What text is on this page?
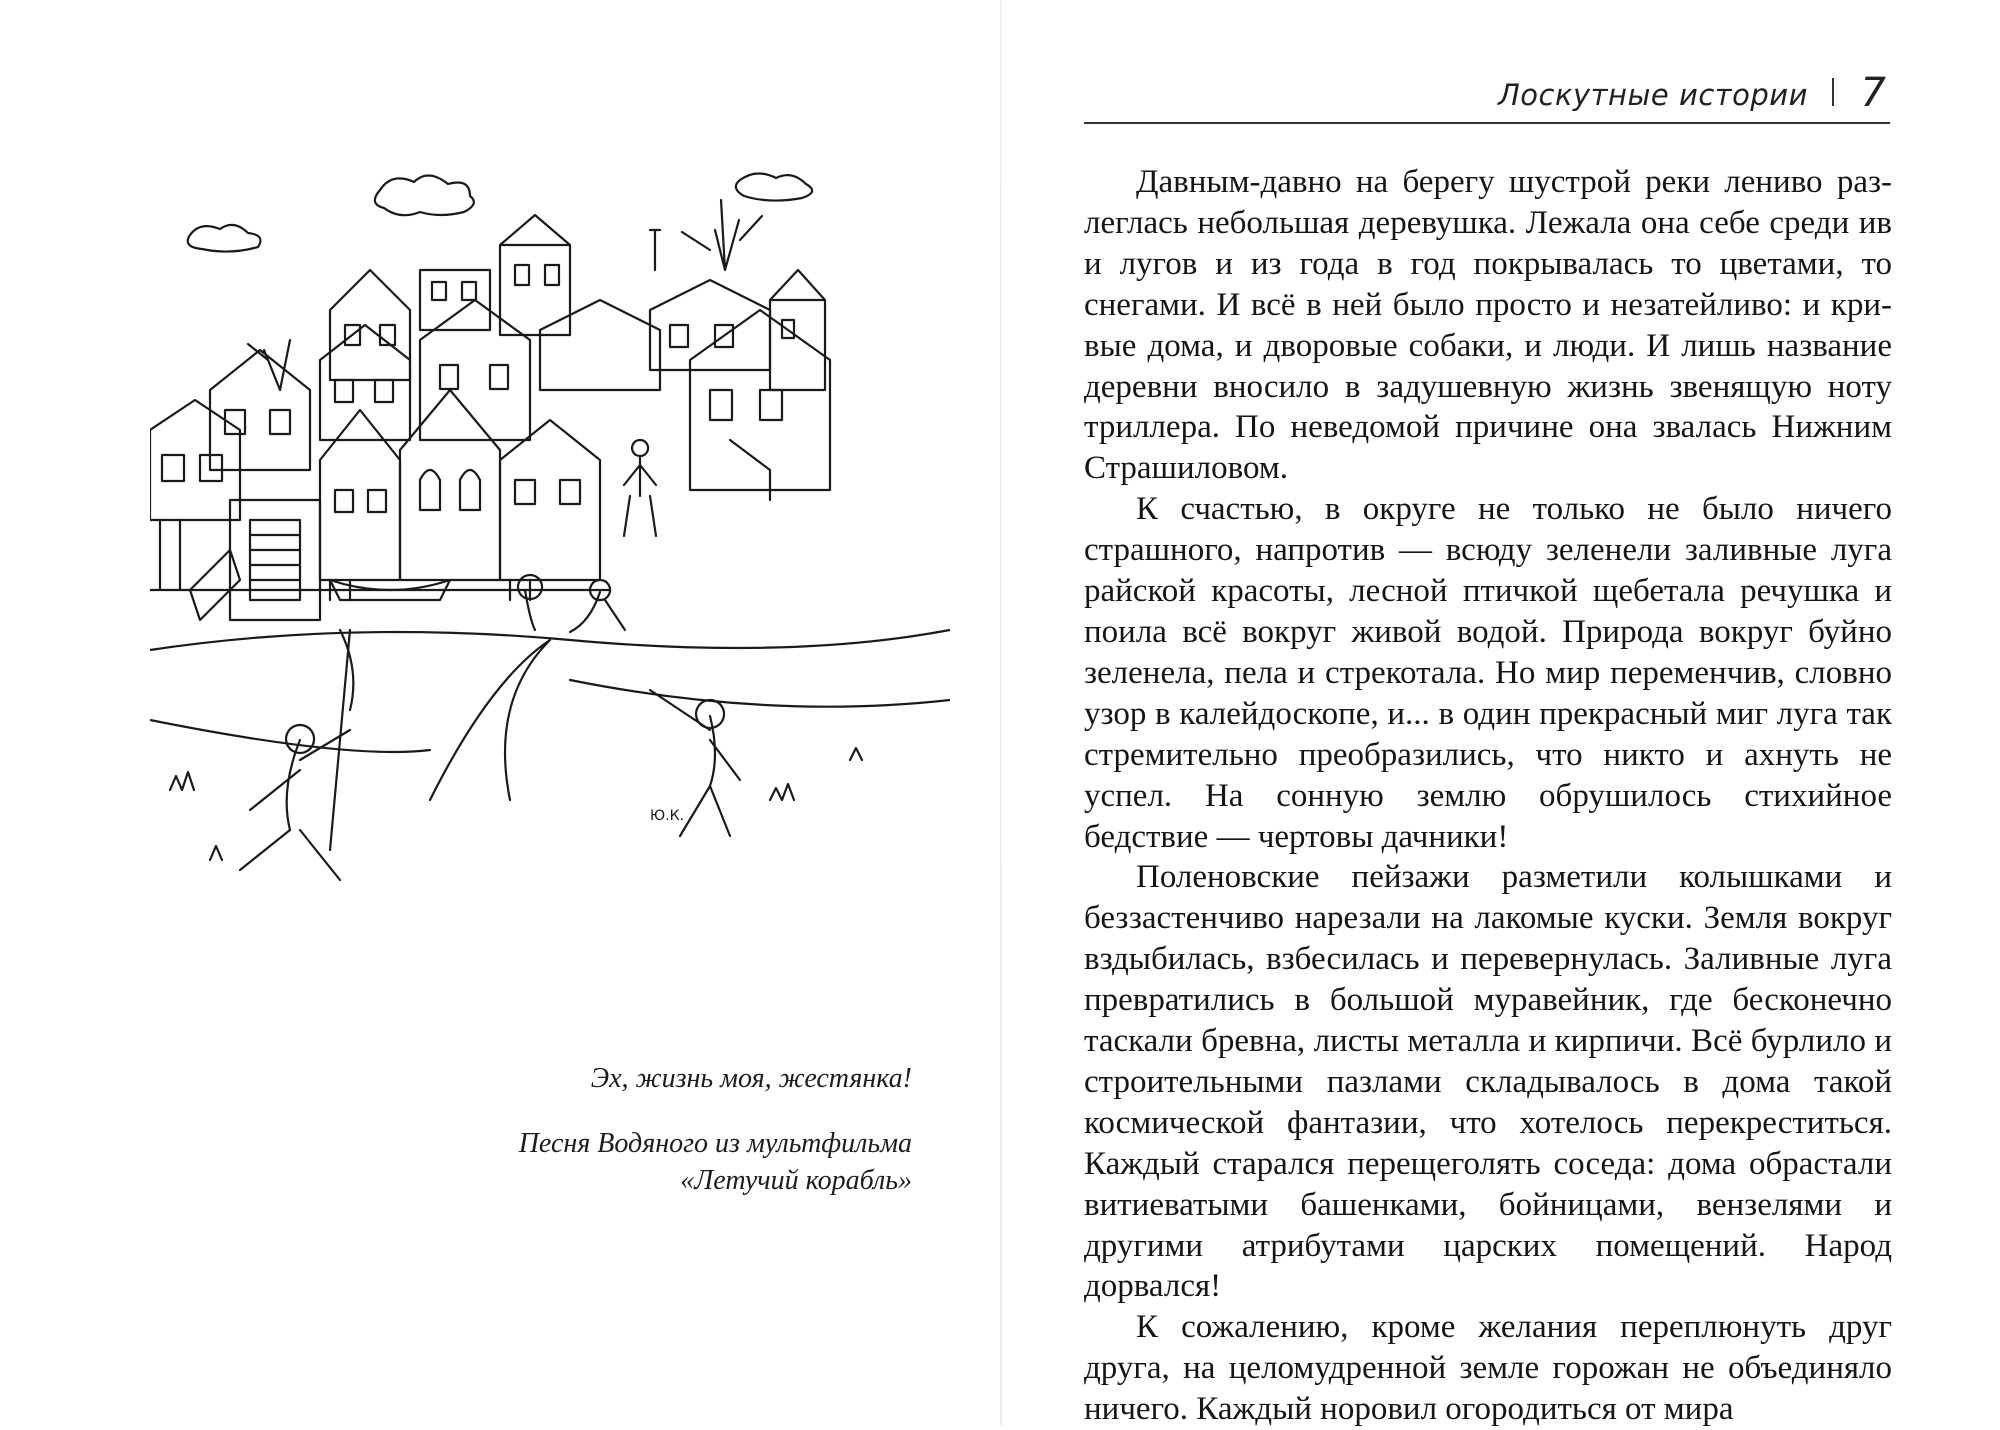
Ю.К.

Эх, жизнь моя, жестянка!

Песня Водяного из мультфильма
«Летучий корабль»

Лоскутные истории 7

Давным-давно на берегу шустрой реки лениво разлеглась небольшая деревушка. Лежала она себе среди ив и лугов и из года в год покрывалась то цветами, то снегами. И всё в ней было просто и незатейливо: и кривые дома, и дворовые собаки, и люди. И лишь название деревни вносило в задушевную жизнь звенящую ноту триллера. По неведомой причине она звалась Нижним Страшиловом.

К счастью, в округе не только не было ничего страшного, напротив — всюду зеленели заливные луга райской красоты, лесной птичкой щебетала речушка и поила всё вокруг живой водой. Природа вокруг буйно зеленела, пела и стрекотала. Но мир переменчив, словно узор в калейдоскопе, и... в один прекрасный миг луга так стремительно преобразились, что никто и ахнуть не успел. На сонную землю обрушилось стихийное бедствие — чертовы дачники!

Поленовские пейзажи разметили колышками и беззастенчиво нарезали на лакомые куски. Земля вокруг вздыбилась, взбесилась и перевернулась. Заливные луга превратились в большой муравейник, где бесконечно таскали бревна, листы металла и кирпичи. Всё бурлило и строительными пазлами складывалось в дома такой космической фантазии, что хотелось перекреститься. Каждый старался перещеголять соседа: дома обрастали витиеватыми башенками, бойницами, вензелями и другими атрибутами царских помещений. Народ дорвался!

К сожалению, кроме желания переплюнуть друг друга, на целомудренной земле горожан не объединяло ничего. Каждый норовил огородиться от мира
